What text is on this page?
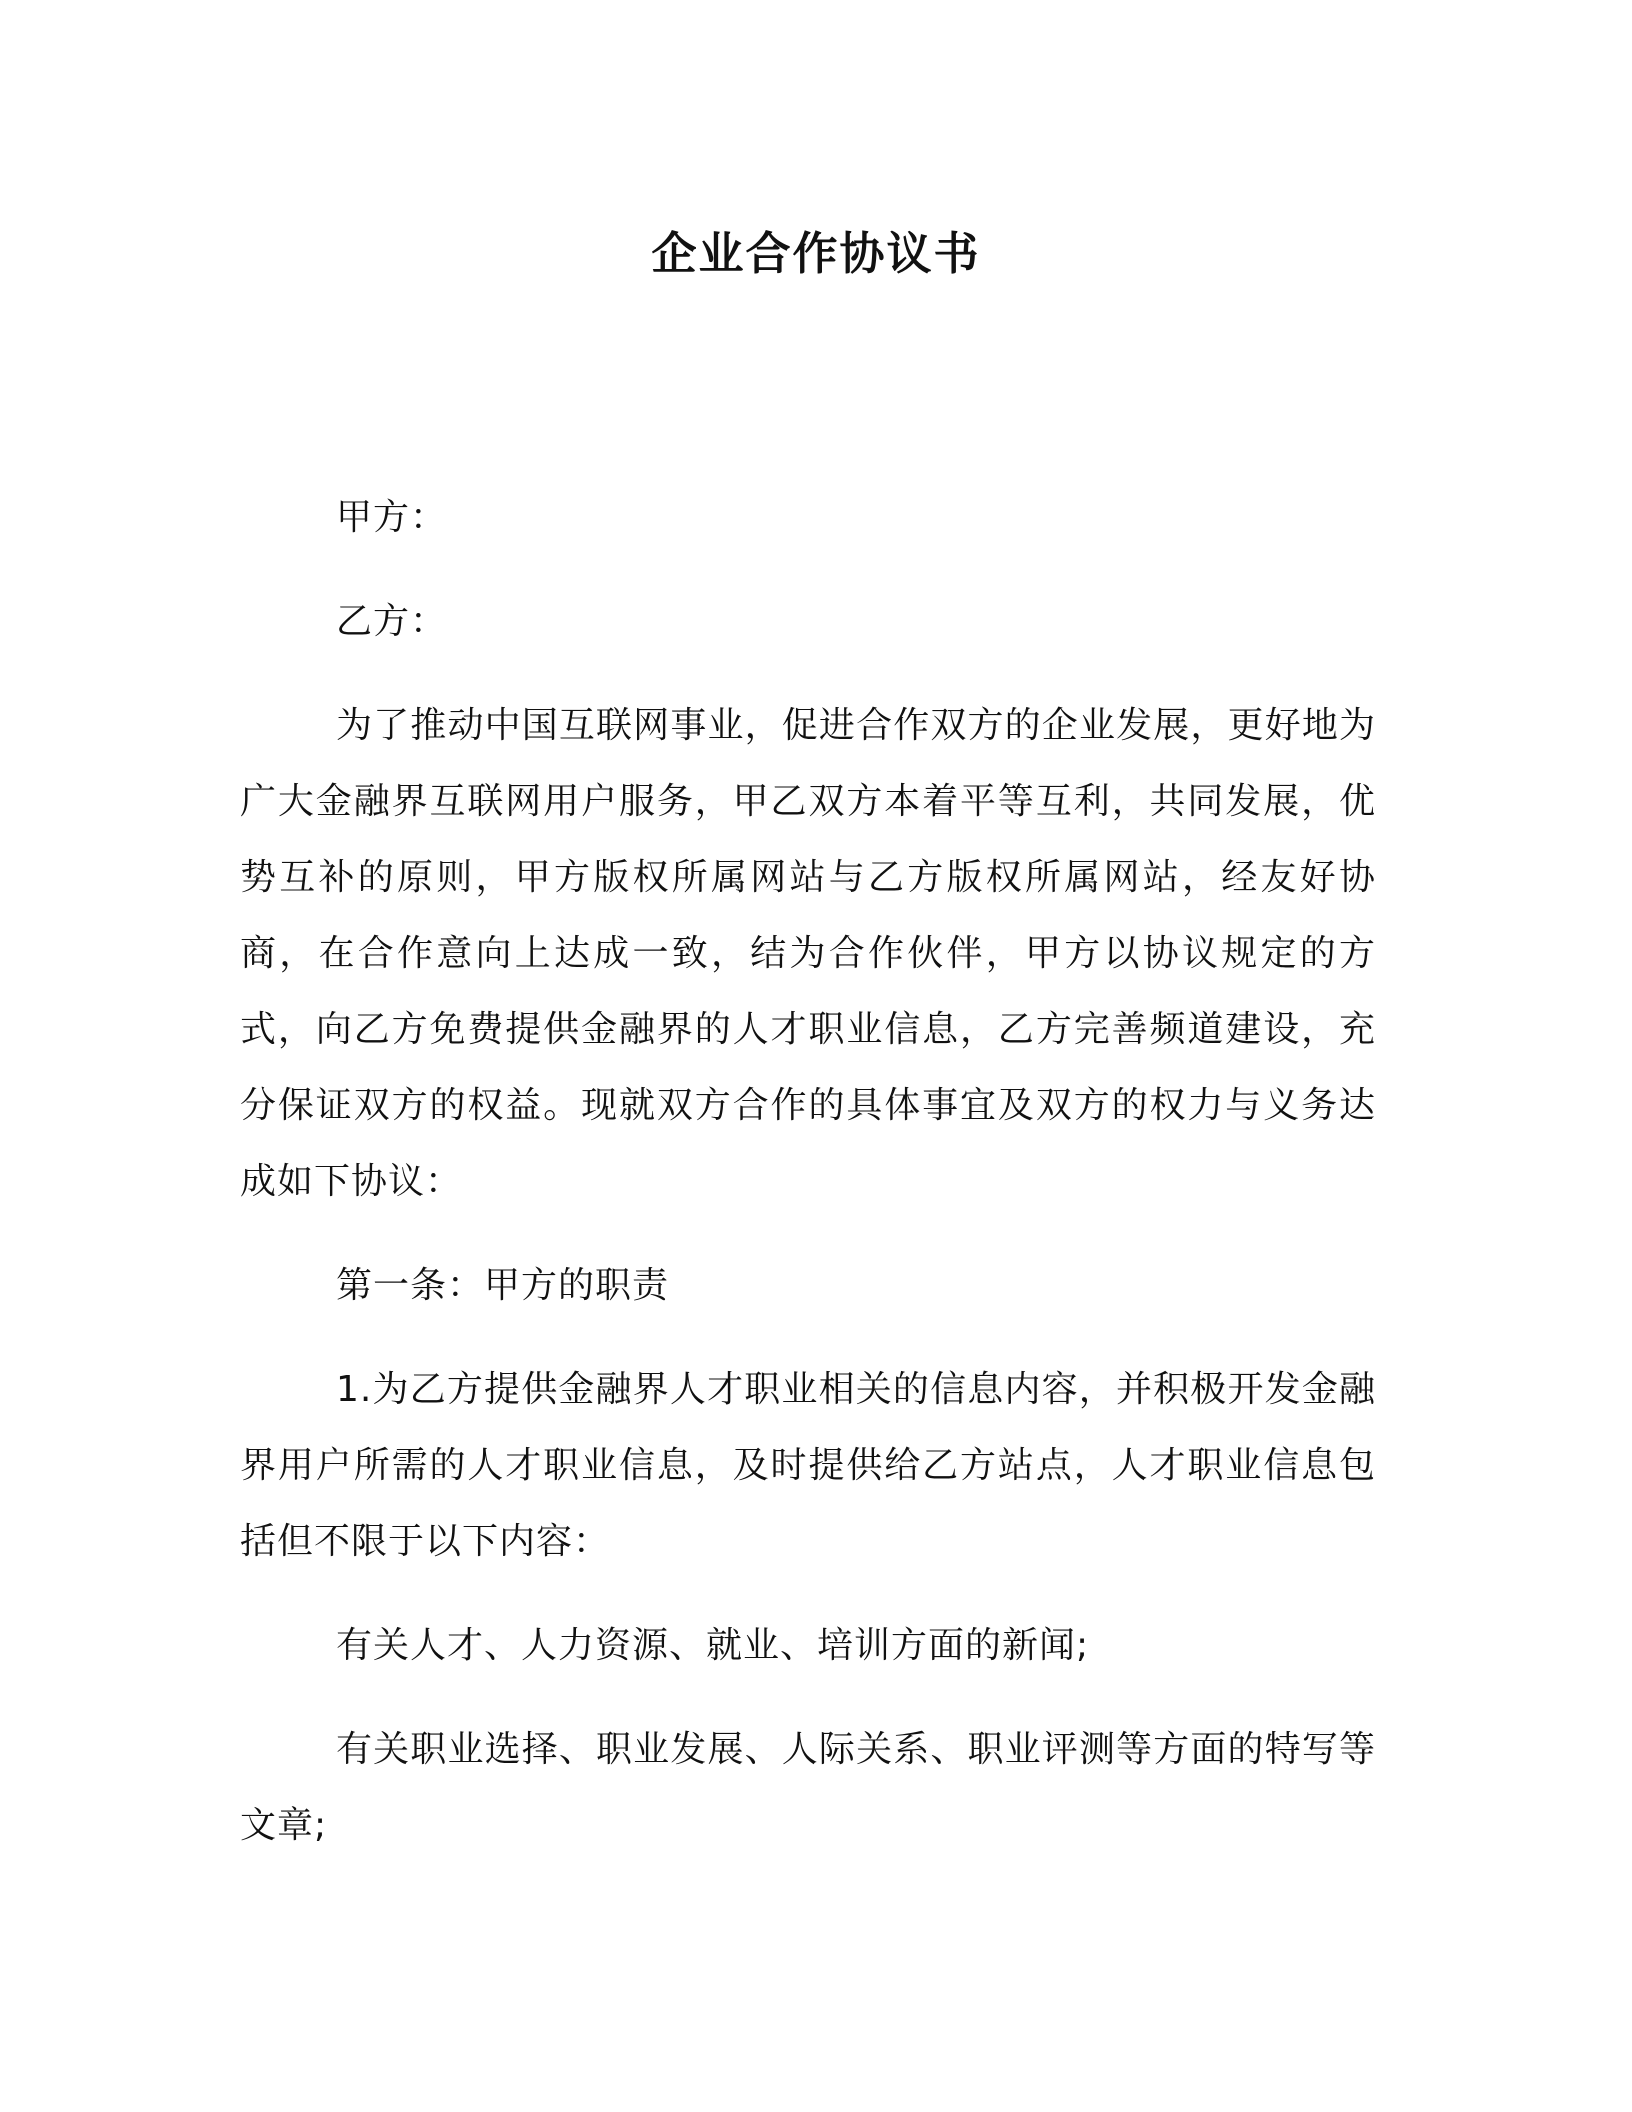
企业合作协议书

甲方：

乙方：

为了推动中国互联网事业，促进合作双方的企业发展，更好地为广大金融界互联网用户服务，甲乙双方本着平等互利，共同发展，优势互补的原则，甲方版权所属网站与乙方版权所属网站，经友好协商，在合作意向上达成一致，结为合作伙伴，甲方以协议规定的方式，向乙方免费提供金融界的人才职业信息，乙方完善频道建设，充分保证双方的权益。现就双方合作的具体事宜及双方的权力与义务达成如下协议：

第一条：甲方的职责

1.为乙方提供金融界人才职业相关的信息内容，并积极开发金融界用户所需的人才职业信息，及时提供给乙方站点，人才职业信息包括但不限于以下内容：

有关人才、人力资源、就业、培训方面的新闻;

有关职业选择、职业发展、人际关系、职业评测等方面的特写等文章;
